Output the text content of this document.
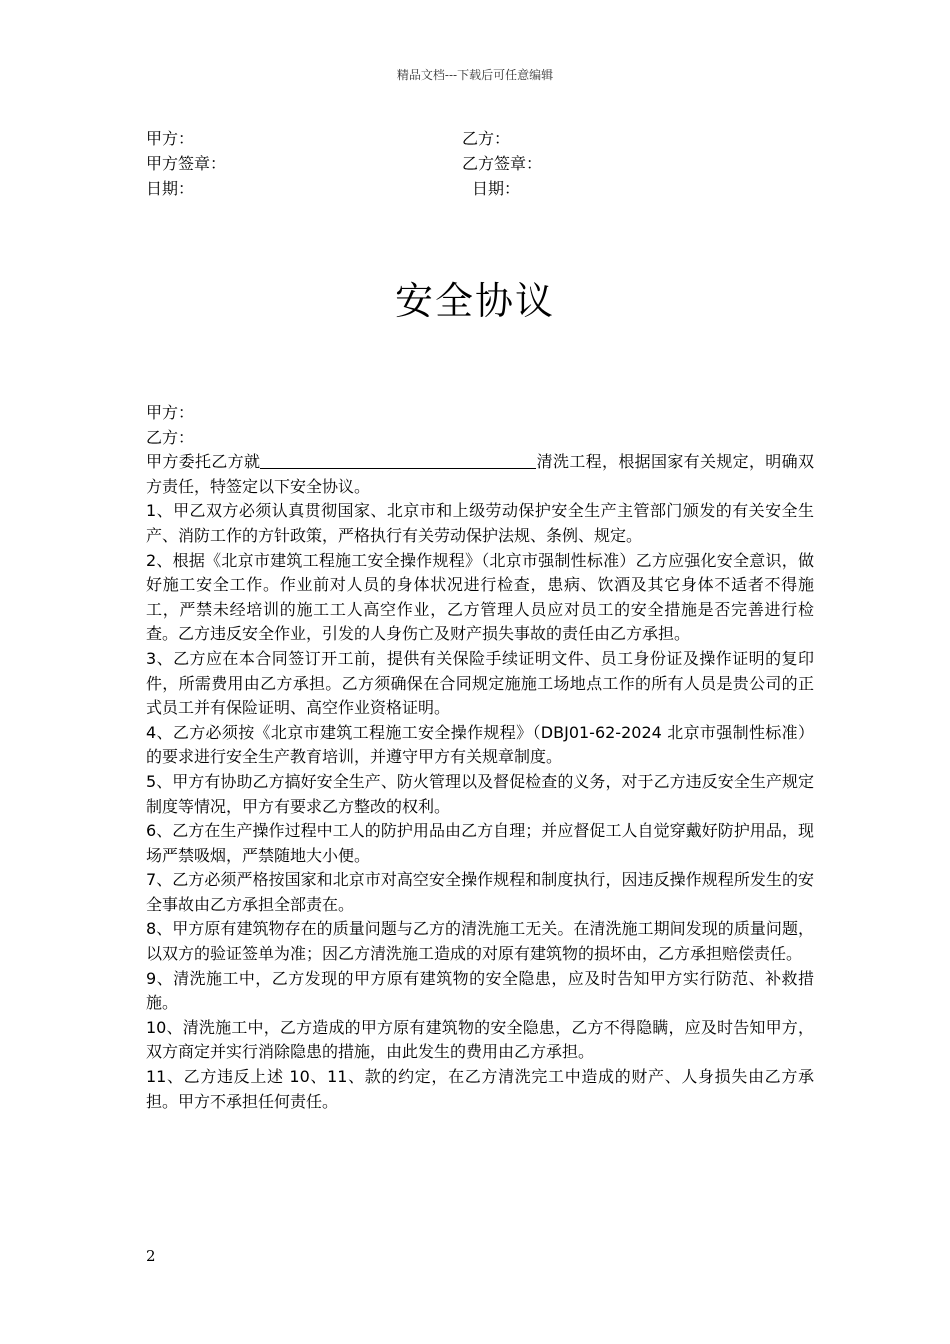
精品文档---下载后可任意编辑
甲方：	乙方：
甲方签章：	乙方签章：
日期：	日期：
安全协议

甲方：

乙方：

甲方委托乙方就	清洗工程，根据国家有关规定，明确双方责任，特签定以下安全协议。

1、甲乙双方必须认真贯彻国家、北京市和上级劳动保护安全生产主管部门颁发的有关安全生产、消防工作的方针政策，严格执行有关劳动保护法规、条例、规定。

2、根据《北京市建筑工程施工安全操作规程》（北京市强制性标准）乙方应强化安全意识，做好施工安全工作。作业前对人员的身体状况进行检查，患病、饮酒及其它身体不适者不得施工，严禁未经培训的施工工人高空作业，乙方管理人员应对员工的安全措施是否完善进行检查。乙方违反安全作业，引发的人身伤亡及财产损失事故的责任由乙方承担。

3、乙方应在本合同签订开工前，提供有关保险手续证明文件、员工身份证及操作证明的复印件，所需费用由乙方承担。乙方须确保在合同规定施施工场地点工作的所有人员是贵公司的正式员工并有保险证明、高空作业资格证明。

4、乙方必须按《北京市建筑工程施工安全操作规程》（DBJ01-62-2024 北京市强制性标准）的要求进行安全生产教育培训，并遵守甲方有关规章制度。

5、甲方有协助乙方搞好安全生产、防火管理以及督促检查的义务，对于乙方违反安全生产规定制度等情况，甲方有要求乙方整改的权利。

6、乙方在生产操作过程中工人的防护用品由乙方自理；并应督促工人自觉穿戴好防护用品，现场严禁吸烟，严禁随地大小便。

7、乙方必须严格按国家和北京市对高空安全操作规程和制度执行，因违反操作规程所发生的安全事故由乙方承担全部责在。

8、甲方原有建筑物存在的质量问题与乙方的清洗施工无关。在清洗施工期间发现的质量问题，以双方的验证签单为准；因乙方清洗施工造成的对原有建筑物的损坏由，乙方承担赔偿责任。

9、清洗施工中，乙方发现的甲方原有建筑物的安全隐患，应及时告知甲方实行防范、补救措施。

10、清洗施工中，乙方造成的甲方原有建筑物的安全隐患，乙方不得隐瞒，应及时告知甲方，双方商定并实行消除隐患的措施，由此发生的费用由乙方承担。

11、乙方违反上述 10、11、款的约定，在乙方清洗完工中造成的财产、人身损失由乙方承担。甲方不承担任何责任。

2
